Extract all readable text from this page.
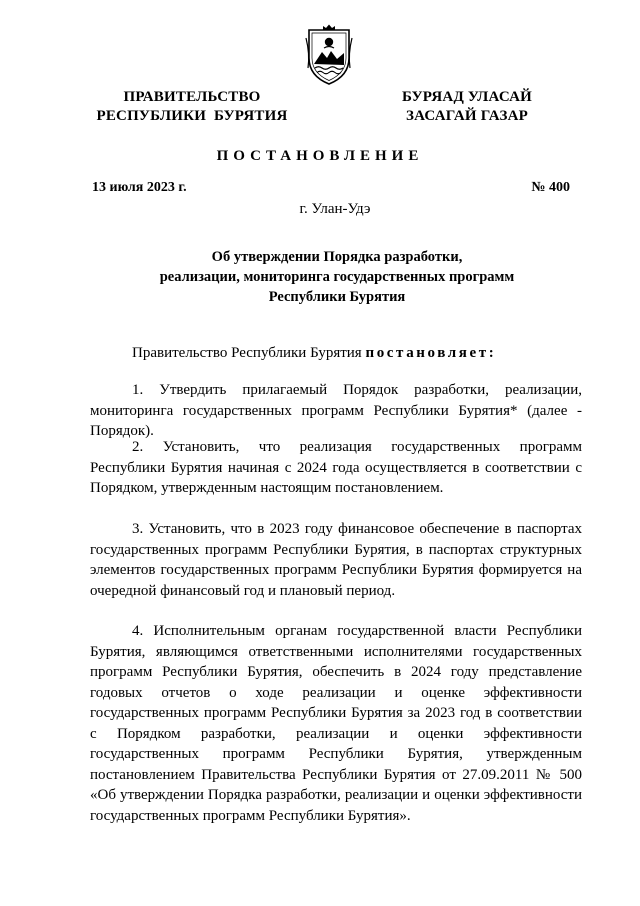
ПРАВИТЕЛЬСТВО
РЕСПУБЛИКИ  БУРЯТИЯ
БУРЯАД УЛАСАЙ
ЗАСАГАЙ ГАЗАР
ПОСТАНОВЛЕНИЕ
13 июля 2023 г.	№ 400
г. Улан-Удэ
Об утверждении Порядка разработки,
реализации, мониторинга государственных программ
Республики Бурятия
Правительство Республики Бурятия постановляет:

1. Утвердить прилагаемый Порядок разработки, реализации, мониторинга государственных программ Республики Бурятия* (далее - Порядок).

2. Установить, что реализация государственных программ Республики Бурятия начиная с 2024 года осуществляется в соответствии с Порядком, утвержденным настоящим постановлением.

3. Установить, что в 2023 году финансовое обеспечение в паспортах государственных программ Республики Бурятия, в паспортах структурных элементов государственных программ Республики Бурятия формируется на очередной финансовый год и плановый период.

4. Исполнительным органам государственной власти Республики Бурятия, являющимся ответственными исполнителями государственных программ Республики Бурятия, обеспечить в 2024 году представление годовых отчетов о ходе реализации и оценке эффективности государственных программ Республики Бурятия за 2023 год в соответствии с Порядком разработки, реализации и оценки эффективности государственных программ Республики Бурятия, утвержденным постановлением Правительства Республики Бурятия от 27.09.2011 № 500 «Об утверждении Порядка разработки, реализации и оценки эффективности государственных программ Республики Бурятия».
